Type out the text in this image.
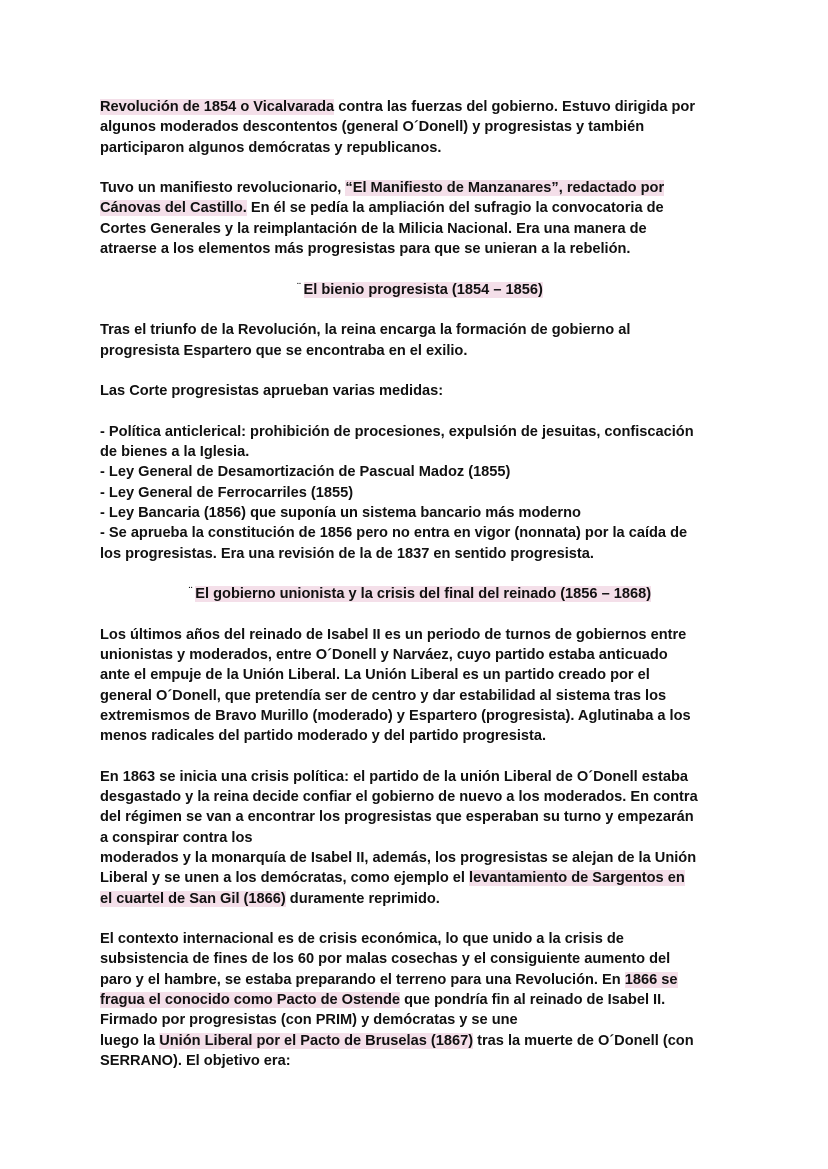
Revolución de 1854 o Vicalvarada contra las fuerzas del gobierno. Estuvo dirigida por
algunos moderados descontentos (general O´Donell) y progresistas y también
participaron algunos demócratas y republicanos.
Tuvo un manifiesto revolucionario, “El Manifiesto de Manzanares”, redactado por
Cánovas del Castillo. En él se pedía la ampliación del sufragio la convocatoria de
Cortes Generales y la reimplantación de la Milicia Nacional. Era una manera de
atraerse a los elementos más progresistas para que se unieran a la rebelión.
¨ El bienio progresista (1854 – 1856)
Tras el triunfo de la Revolución, la reina encarga la formación de gobierno al
progresista Espartero que se encontraba en el exilio.
Las Corte progresistas aprueban varias medidas:
- Política anticlerical: prohibición de procesiones, expulsión de jesuitas, confiscación
de bienes a la Iglesia.
- Ley General de Desamortización de Pascual Madoz (1855)
- Ley General de Ferrocarriles (1855)
- Ley Bancaria (1856) que suponía un sistema bancario más moderno
- Se aprueba la constitución de 1856 pero no entra en vigor (nonnata) por la caída de
los progresistas. Era una revisión de la de 1837 en sentido progresista.
¨ El gobierno unionista y la crisis del final del reinado (1856 – 1868)
Los últimos años del reinado de Isabel II es un periodo de turnos de gobiernos entre
unionistas y moderados, entre O´Donell y Narváez, cuyo partido estaba anticuado
ante el empuje de la Unión Liberal. La Unión Liberal es un partido creado por el
general O´Donell, que pretendía ser de centro y dar estabilidad al sistema tras los
extremismos de Bravo Murillo (moderado) y Espartero (progresista). Aglutinaba a los
menos radicales del partido moderado y del partido progresista.
En 1863 se inicia una crisis política: el partido de la unión Liberal de O´Donell estaba
desgastado y la reina decide confiar el gobierno de nuevo a los moderados. En contra
del régimen se van a encontrar los progresistas que esperaban su turno y empezarán
a conspirar contra los
moderados y la monarquía de Isabel II, además, los progresistas se alejan de la Unión
Liberal y se unen a los demócratas, como ejemplo el levantamiento de Sargentos en
el cuartel de San Gil (1866) duramente reprimido.
El contexto internacional es de crisis económica, lo que unido a la crisis de
subsistencia de fines de los 60 por malas cosechas y el consiguiente aumento del
paro y el hambre, se estaba preparando el terreno para una Revolución. En 1866 se
fragua el conocido como Pacto de Ostende que pondría fin al reinado de Isabel II.
Firmado por progresistas (con PRIM) y demócratas y se une
luego la Unión Liberal por el Pacto de Bruselas (1867) tras la muerte de O´Donell (con
SERRANO). El objetivo era:
